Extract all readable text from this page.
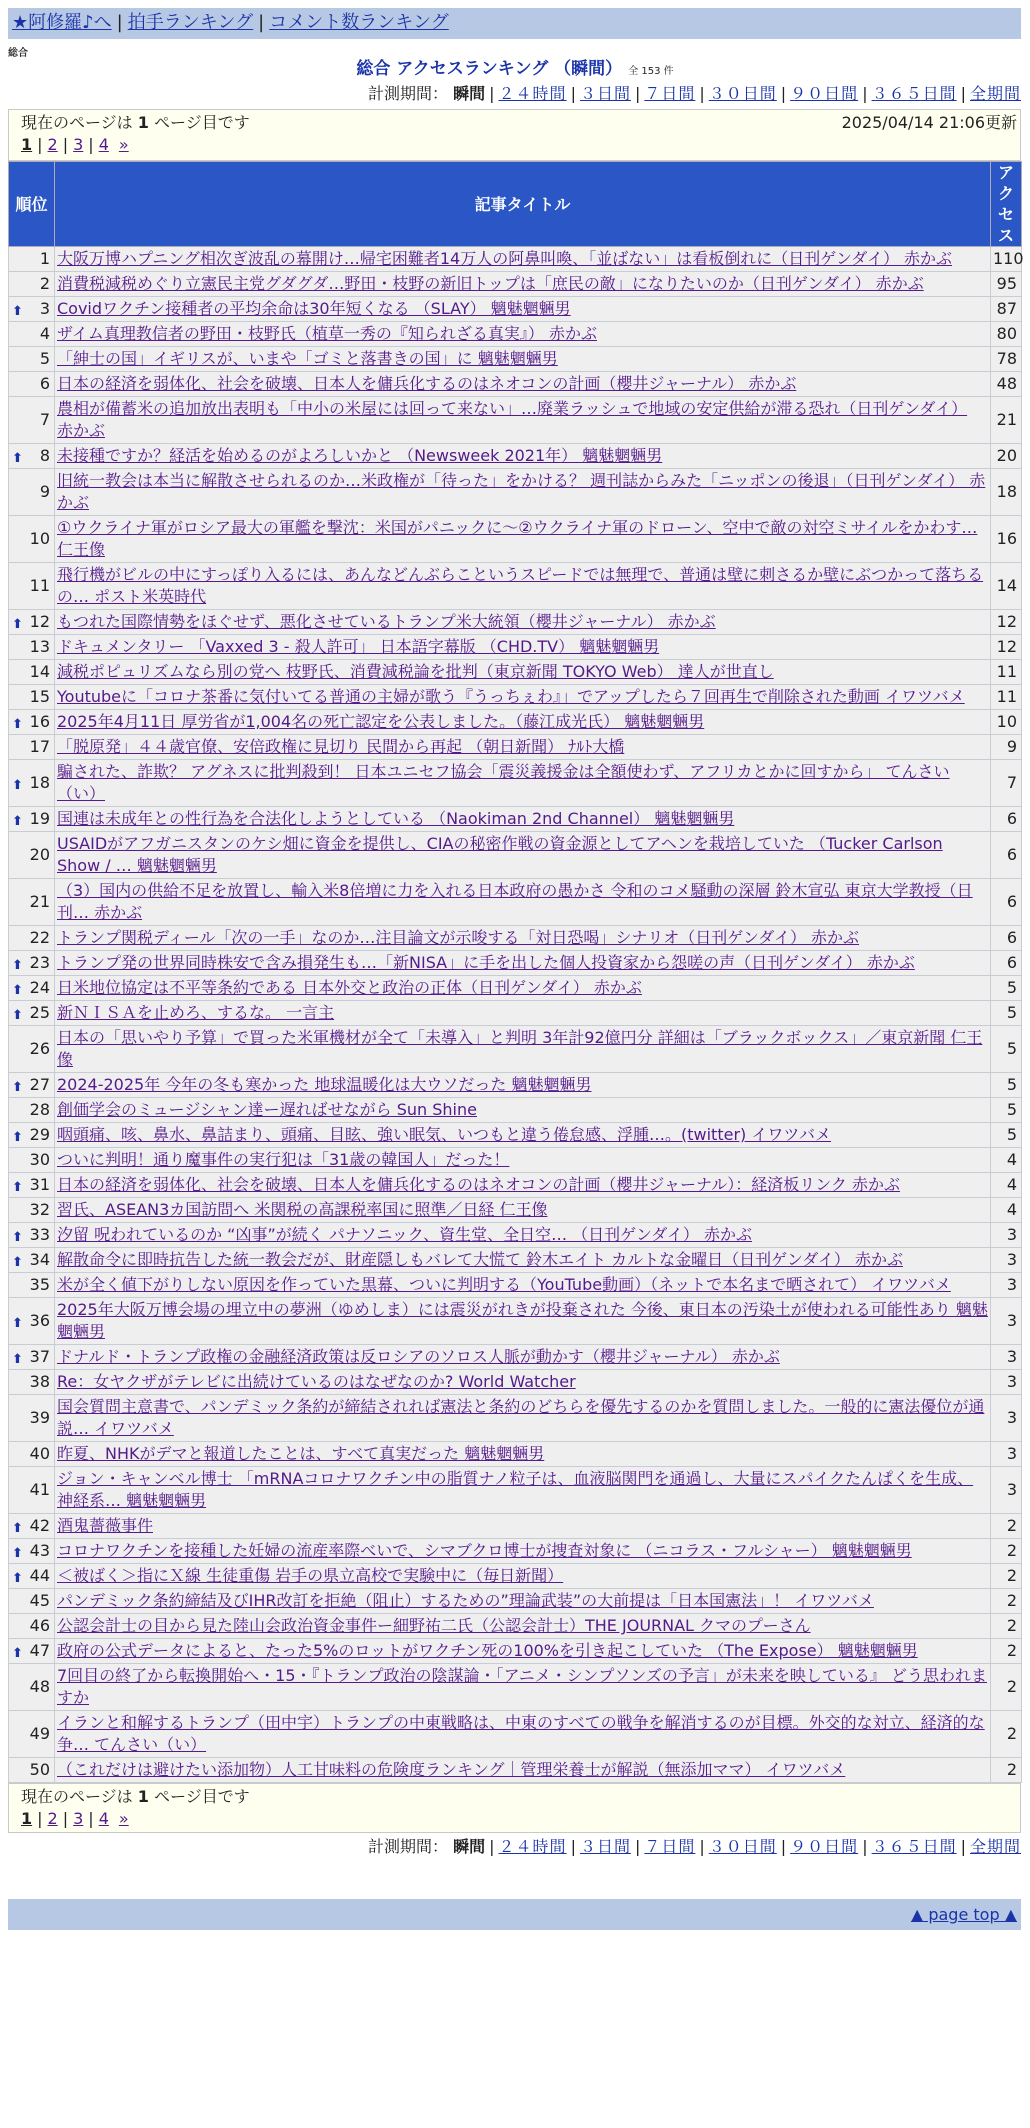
★阿修羅♪へ | 拍手ランキング | コメント数ランキング
総合
総合 アクセスランキング （瞬間） 全 153 件
計測期間： 瞬間 | ２４時間 | ３日間 | ７日間 | ３０日間 | ９０日間 | ３６５日間 | 全期間
現在のページは 1 ページ目です	2025/04/14 21:06更新
1 | 2 | 3 | 4 »
順位	記事タイトル	アクセス
1	大阪万博ハプニング相次ぎ波乱の幕開け…帰宅困難者14万人の阿鼻叫喚、「並ばない」は看板倒れに（日刊ゲンダイ） 赤かぶ	110
2	消費税減税めぐり立憲民主党グダグダ…野田・枝野の新旧トップは「庶民の敵」になりたいのか（日刊ゲンダイ） 赤かぶ	95

⬆ 3	Covidワクチン接種者の平均余命は30年短くなる （SLAY） 魑魅魍魎男	87
4	ザイム真理教信者の野田・枝野氏（植草一秀の『知られざる真実』） 赤かぶ	80
5	「紳士の国」イギリスが、いまや「ゴミと落書きの国」に 魑魅魍魎男	78
6	日本の経済を弱体化、社会を破壊、日本人を傭兵化するのはネオコンの計画（櫻井ジャーナル） 赤かぶ	48
7	農相が備蓄米の追加放出表明も「中小の米屋には回って来ない」…廃業ラッシュで地域の安定供給が滞る恐れ（日刊ゲンダイ） 赤かぶ	21

⬆ 8	未接種ですか？経活を始めるのがよろしいかと （Newsweek 2021年） 魑魅魍魎男	20
9	旧統一教会は本当に解散させられるのか…米政権が「待った」をかける？ 週刊誌からみた「ニッポンの後退」（日刊ゲンダイ） 赤かぶ	18
10	①ウクライナ軍がロシア最大の軍艦を撃沈：米国がパニックに〜②ウクライナ軍のドローン、空中で敵の対空ミサイルをかわす… 仁王像	16
11	飛行機がビルの中にすっぽり入るには、あんなどんぶらこというスピードでは無理で、普通は壁に刺さるか壁にぶつかって落ちるの… ポスト米英時代	14

⬆ 12	もつれた国際情勢をほぐせず、悪化させているトランプ米大統領（櫻井ジャーナル） 赤かぶ	12
13	ドキュメンタリー 「Vaxxed 3 - 殺人許可」 日本語字幕版 （CHD.TV） 魑魅魍魎男	12
14	減税ポピュリズムなら別の党へ 枝野氏、消費減税論を批判（東京新聞 TOKYO Web） 達人が世直し	11
15	Youtubeに「コロナ茶番に気付いてる普通の主婦が歌う『うっちぇわ』」でアップしたら７回再生で削除された動画 イワツバメ	11

⬆ 16	2025年4月11日 厚労省が1,004名の死亡認定を公表しました。（藤江成光氏） 魑魅魍魎男	10
17	「脱原発」４４歳官僚、安倍政権に見切り 民間から再起 （朝日新聞） ﾅﾙﾄ大橋	9

⬆ 18	騙された、詐欺？ アグネスに批判殺到！ 日本ユニセフ協会「震災義援金は全額使わず、アフリカとかに回すから」 てんさい（い）	7

⬆ 19	国連は未成年との性行為を合法化しようとしている （Naokiman 2nd Channel） 魑魅魍魎男	6
20	USAIDがアフガニスタンのケシ畑に資金を提供し、CIAの秘密作戦の資金源としてアヘンを栽培していた （Tucker Carlson Show / … 魑魅魍魎男	6
21	（3）国内の供給不足を放置し、輸入米8倍増に力を入れる日本政府の愚かさ 令和のコメ騒動の深層 鈴木宣弘 東京大学教授（日刊… 赤かぶ	6
22	トランプ関税ディール「次の一手」なのか…注目論文が示唆する「対日恐喝」シナリオ（日刊ゲンダイ） 赤かぶ	6

⬆ 23	トランプ発の世界同時株安で含み損発生も…「新NISA」に手を出した個人投資家から怨嗟の声（日刊ゲンダイ） 赤かぶ	6

⬆ 24	日米地位協定は不平等条約である 日本外交と政治の正体（日刊ゲンダイ） 赤かぶ	5

⬆ 25	新ＮＩＳＡを止めろ、するな。 一言主	5
26	日本の「思いやり予算」で買った米軍機材が全て「未導入」と判明 3年計92億円分 詳細は「ブラックボックス」／東京新聞 仁王像	5

⬆ 27	2024-2025年 今年の冬も寒かった 地球温暖化は大ウソだった 魑魅魍魎男	5
28	創価学会のミュージシャン達ー遅ればせながら Sun Shine	5

⬆ 29	咽頭痛、咳、鼻水、鼻詰まり、頭痛、目眩、強い眠気、いつもと違う倦怠感、浮腫…。(twitter) イワツバメ	5
30	ついに判明！通り魔事件の実行犯は「31歳の韓国人」だった！	4

⬆ 31	日本の経済を弱体化、社会を破壊、日本人を傭兵化するのはネオコンの計画（櫻井ジャーナル）：経済板リンク 赤かぶ	4
32	習氏、ASEAN3カ国訪問へ 米関税の高課税率国に照準／日経 仁王像	4

⬆ 33	汐留 呪われているのか “凶事”が続く パナソニック、資生堂、全日空… （日刊ゲンダイ） 赤かぶ	3

⬆ 34	解散命令に即時抗告した統一教会だが、財産隠しもバレて大慌て 鈴木エイト カルトな金曜日（日刊ゲンダイ） 赤かぶ	3
35	米が全く値下がりしない原因を作っていた黒幕、ついに判明する（YouTube動画）（ネットで本名まで晒されて） イワツバメ	3

⬆ 36	2025年大阪万博会場の埋立中の夢洲（ゆめしま）には震災がれきが投棄された 今後、東日本の汚染土が使われる可能性あり 魑魅魍魎男	3

⬆ 37	ドナルド・トランプ政権の金融経済政策は反ロシアのソロス人脈が動かす（櫻井ジャーナル） 赤かぶ	3
38	Re：女ヤクザがテレビに出続けているのはなぜなのか? World Watcher	3
39	国会質問主意書で、パンデミック条約が締結されれば憲法と条約のどちらを優先するのかを質問しました。一般的に憲法優位が通説… イワツバメ	3
40	昨夏、NHKがデマと報道したことは、すべて真実だった 魑魅魍魎男	3
41	ジョン・キャンベル博士 「mRNAコロナワクチン中の脂質ナノ粒子は、血液脳関門を通過し、大量にスパイクたんぱくを生成、神経系… 魑魅魍魎男	3

⬆ 42	酒鬼薔薇事件	2

⬆ 43	コロナワクチンを接種した妊婦の流産率際べいで、シマブクロ博士が捜査対象に （ニコラス・フルシャー） 魑魅魍魎男	2

⬆ 44	＜被ばく＞指にＸ線 生徒重傷 岩手の県立高校で実験中に（毎日新聞）	2
45	パンデミック条約締結及びIHR改訂を拒絶（阻止）するための”理論武装”の大前提は「日本国憲法」！ イワツバメ	2
46	公認会計士の目から見た陸山会政治資金事件ー細野祐二氏（公認会計士）THE JOURNAL クマのプーさん	2

⬆ 47	政府の公式データによると、たった5%のロットがワクチン死の100%を引き起こしていた （The Expose） 魑魅魍魎男	2
48	7回目の終了から転換開始へ・15・『トランプ政治の陰謀論・「アニメ・シンプソンズの予言」が未来を映している』 どう思われますか	2
49	イランと和解するトランプ（田中宇）トランプの中東戦略は、中東のすべての戦争を解消するのが目標。外交的な対立、経済的な争… てんさい（い）	2
50	（これだけは避けたい添加物）人工甘味料の危険度ランキング｜管理栄養士が解説（無添加ママ） イワツバメ	2
現在のページは 1 ページ目です
1 | 2 | 3 | 4 »
計測期間： 瞬間 | ２４時間 | ３日間 | ７日間 | ３０日間 | ９０日間 | ３６５日間 | 全期間
▲ page top ▲
